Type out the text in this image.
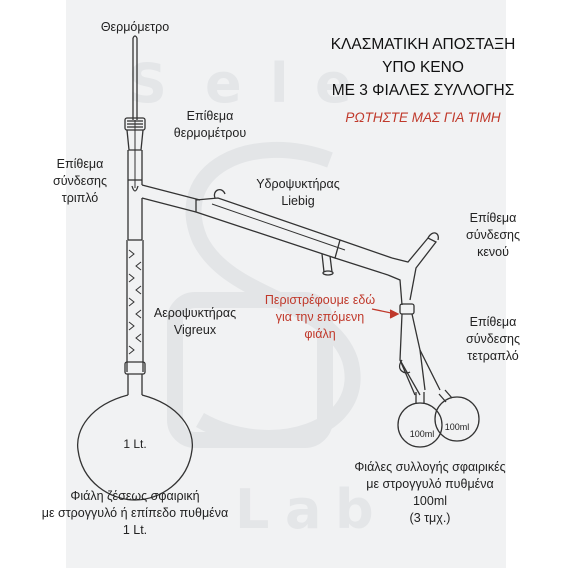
S e l e
L
a
b
ΚΛΑΣΜΑΤΙΚΗ ΑΠΟΣΤΑΞΗ
ΥΠΟ ΚΕΝΟ
ΜΕ 3 ΦΙΑΛΕΣ ΣΥΛΛΟΓΗΣ
ΡΩΤΗΣΤΕ ΜΑΣ ΓΙΑ ΤΙΜΗ
Θερμόμετρο
Επίθεμα
θερμομέτρου
Επίθεμα
σύνδεσης
τριπλό
Υδροψυκτήρας
Liebig
Επίθεμα
σύνδεσης
κενού
Περιστρέφουμε εδώ
για την επόμενη
φιάλη
Αεροψυκτήρας
Vigreux
Επίθεμα
σύνδεσης
τετραπλό
1 Lt.
100ml
100ml
Φιάλες συλλογής σφαιρικές
με στρογγυλό πυθμένα
100ml
(3 τμχ.)
Φιάλη ζέσεως σφαιρική
με στρογγυλό ή επίπεδο πυθμένα
1 Lt.
